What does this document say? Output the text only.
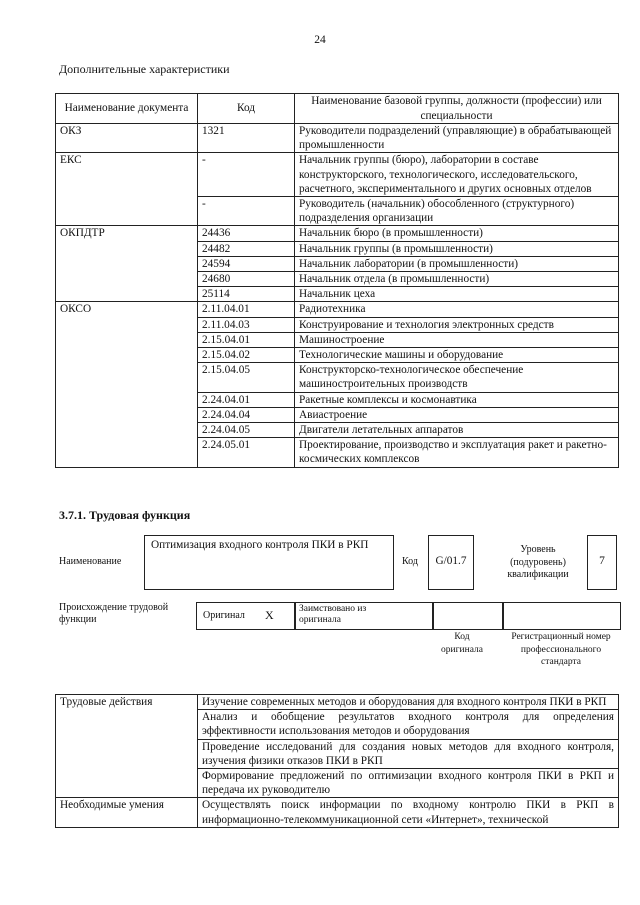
24
Дополнительные характеристики
Наименование документа	Код	Наименование базовой группы, должности (профессии) или специальности
ОКЗ	1321	Руководители подразделений (управляющие) в обрабатывающей промышленности
ЕКС	-	Начальник группы (бюро), лаборатории в составе конструкторского, технологического, исследовательского, расчетного, экспериментального и других основных отделов
	-	Руководитель (начальник) обособленного (структурного) подразделения организации
ОКПДТР	24436	Начальник бюро (в промышленности)
	24482	Начальник группы (в промышленности)
	24594	Начальник лаборатории (в промышленности)
	24680	Начальник отдела (в промышленности)
	25114	Начальник цеха
ОКСО	2.11.04.01	Радиотехника
	2.11.04.03	Конструирование и технология электронных средств
	2.15.04.01	Машиностроение
	2.15.04.02	Технологические машины и оборудование
	2.15.04.05	Конструкторско-технологическое обеспечение машиностроительных производств
	2.24.04.01	Ракетные комплексы и космонавтика
	2.24.04.04	Авиастроение
	2.24.04.05	Двигатели летательных аппаратов
	2.24.05.01	Проектирование, производство и эксплуатация ракет и ракетно-космических комплексов
3.7.1. Трудовая функция
Наименование
Оптимизация входного контроля ПКИ в РКП
Код	G/01.7
Уровень (подуровень) квалификации
7
Происхождение трудовой функции	Оригинал X	Заимствовано из оригинала
Код оригинала
Регистрационный номер профессионального стандарта
Трудовые действия	Изучение современных методов и оборудования для входного контроля ПКИ в РКП
	Анализ и обобщение результатов входного контроля для определения эффективности использования методов и оборудования
	Проведение исследований для создания новых методов для входного контроля, изучения физики отказов ПКИ в РКП
	Формирование предложений по оптимизации входного контроля ПКИ в РКП и передача их руководителю
Необходимые умения	Осуществлять поиск информации по входному контролю ПКИ в РКП в информационно-телекоммуникационной сети «Интернет», технической
